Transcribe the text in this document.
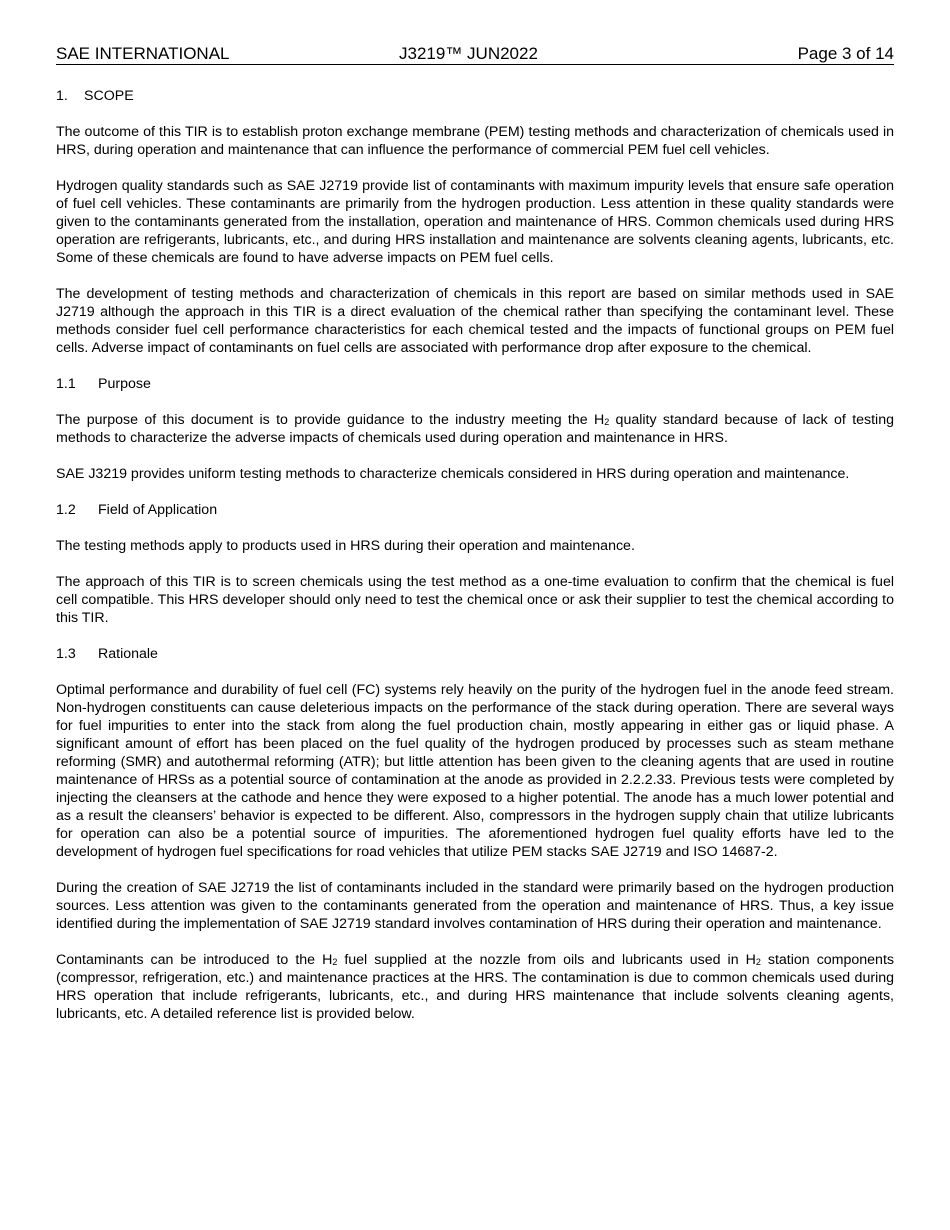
SAE INTERNATIONAL	J3219™ JUN2022	Page 3 of 14
1. SCOPE

The outcome of this TIR is to establish proton exchange membrane (PEM) testing methods and characterization of chemicals used in HRS, during operation and maintenance that can influence the performance of commercial PEM fuel cell vehicles.

Hydrogen quality standards such as SAE J2719 provide list of contaminants with maximum impurity levels that ensure safe operation of fuel cell vehicles. These contaminants are primarily from the hydrogen production. Less attention in these quality standards were given to the contaminants generated from the installation, operation and maintenance of HRS. Common chemicals used during HRS operation are refrigerants, lubricants, etc., and during HRS installation and maintenance are solvents cleaning agents, lubricants, etc. Some of these chemicals are found to have adverse impacts on PEM fuel cells.

The development of testing methods and characterization of chemicals in this report are based on similar methods used in SAE J2719 although the approach in this TIR is a direct evaluation of the chemical rather than specifying the contaminant level. These methods consider fuel cell performance characteristics for each chemical tested and the impacts of functional groups on PEM fuel cells. Adverse impact of contaminants on fuel cells are associated with performance drop after exposure to the chemical.

1.1 Purpose

The purpose of this document is to provide guidance to the industry meeting the $H_2$ quality standard because of lack of testing methods to characterize the adverse impacts of chemicals used during operation and maintenance in HRS.

SAE J3219 provides uniform testing methods to characterize chemicals considered in HRS during operation and maintenance.

1.2 Field of Application

The testing methods apply to products used in HRS during their operation and maintenance.

The approach of this TIR is to screen chemicals using the test method as a one-time evaluation to confirm that the chemical is fuel cell compatible. This HRS developer should only need to test the chemical once or ask their supplier to test the chemical according to this TIR.

1.3 Rationale

Optimal performance and durability of fuel cell (FC) systems rely heavily on the purity of the hydrogen fuel in the anode feed stream. Non-hydrogen constituents can cause deleterious impacts on the performance of the stack during operation. There are several ways for fuel impurities to enter into the stack from along the fuel production chain, mostly appearing in either gas or liquid phase. A significant amount of effort has been placed on the fuel quality of the hydrogen produced by processes such as steam methane reforming (SMR) and autothermal reforming (ATR); but little attention has been given to the cleaning agents that are used in routine maintenance of HRSs as a potential source of contamination at the anode as provided in 2.2.2.33. Previous tests were completed by injecting the cleansers at the cathode and hence they were exposed to a higher potential. The anode has a much lower potential and as a result the cleansers’ behavior is expected to be different. Also, compressors in the hydrogen supply chain that utilize lubricants for operation can also be a potential source of impurities. The aforementioned hydrogen fuel quality efforts have led to the development of hydrogen fuel specifications for road vehicles that utilize PEM stacks SAE J2719 and ISO 14687-2.

During the creation of SAE J2719 the list of contaminants included in the standard were primarily based on the hydrogen production sources. Less attention was given to the contaminants generated from the operation and maintenance of HRS. Thus, a key issue identified during the implementation of SAE J2719 standard involves contamination of HRS during their operation and maintenance.

Contaminants can be introduced to the $H_2$ fuel supplied at the nozzle from oils and lubricants used in $H_2$ station components (compressor, refrigeration, etc.) and maintenance practices at the HRS. The contamination is due to common chemicals used during HRS operation that include refrigerants, lubricants, etc., and during HRS maintenance that include solvents cleaning agents, lubricants, etc. A detailed reference list is provided below.
